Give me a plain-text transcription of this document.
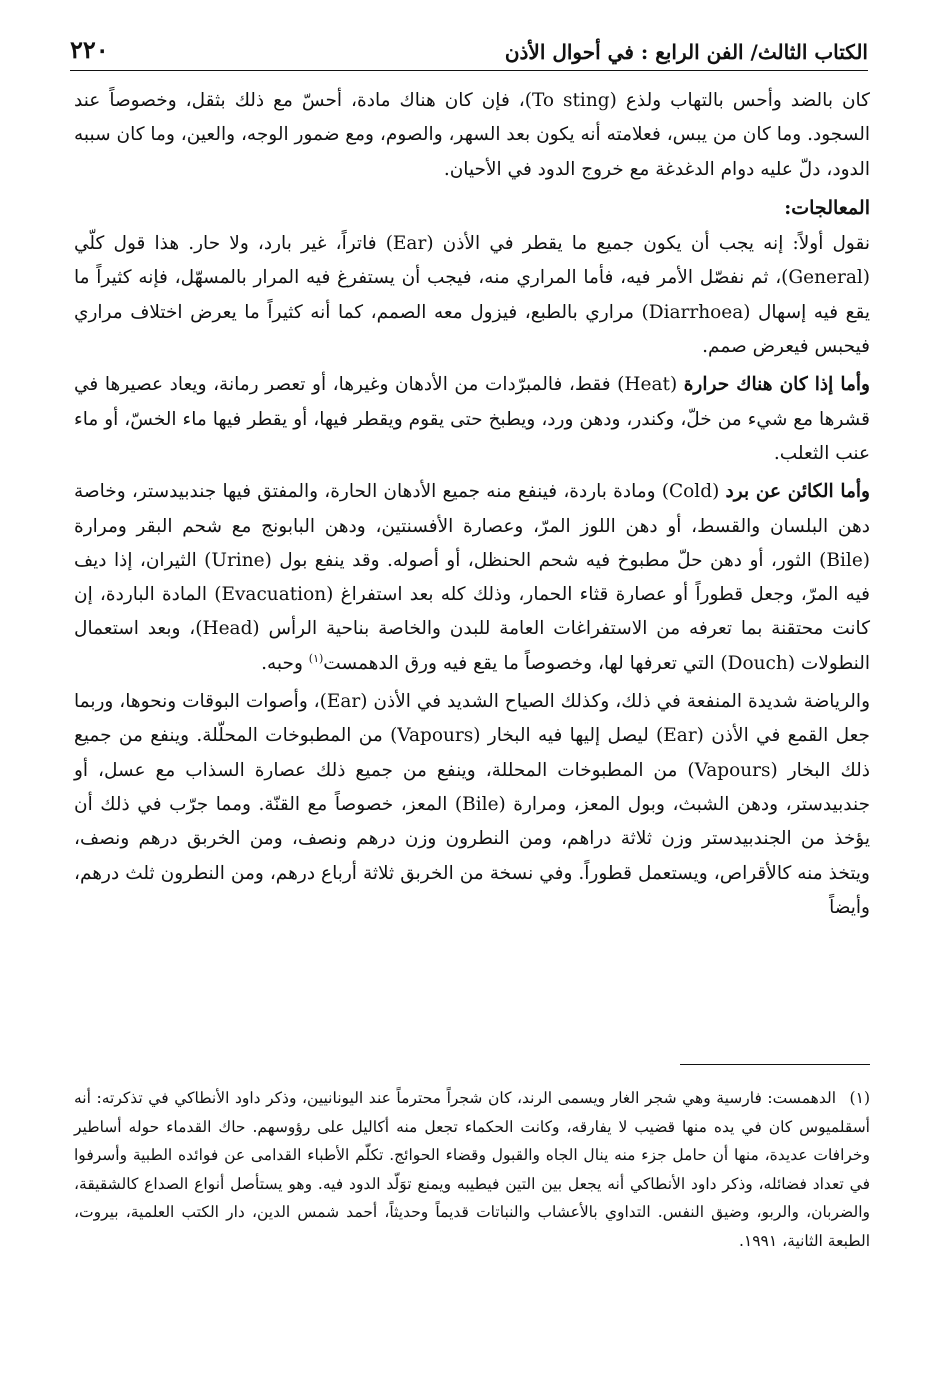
٢٢٠	الكتاب الثالث/ الفن الرابع : في أحوال الأذن

كان بالضد وأحس بالتهاب ولذع (To sting)، فإن كان هناك مادة، أحسّ مع ذلك بثقل، وخصوصاً عند السجود. وما كان من يبس، فعلامته أنه يكون بعد السهر، والصوم، ومع ضمور الوجه، والعين، وما كان سببه الدود، دلّ عليه دوام الدغدغة مع خروج الدود في الأحيان.

المعالجات:

نقول أولاً: إنه يجب أن يكون جميع ما يقطر في الأذن (Ear) فاتراً، غير بارد، ولا حار. هذا قول كلّي (General)، ثم نفصّل الأمر فيه، فأما المراري منه، فيجب أن يستفرغ فيه المرار بالمسهّل، فإنه كثيراً ما يقع فيه إسهال (Diarrhoea) مراري بالطبع، فيزول معه الصمم، كما أنه كثيراً ما يعرض اختلاف مراري فيحبس فيعرض صمم.

وأما إذا كان هناك حرارة (Heat) فقط، فالمبرّدات من الأدهان وغيرها، أو تعصر رمانة، ويعاد عصيرها في قشرها مع شيء من خلّ، وكندر، ودهن ورد، ويطبخ حتى يقوم ويقطر فيها، أو يقطر فيها ماء الخسّ، أو ماء عنب الثعلب.

وأما الكائن عن برد (Cold) ومادة باردة، فينفع منه جميع الأدهان الحارة، والمفتق فيها جندبيدستر، وخاصة دهن البلسان والقسط، أو دهن اللوز المرّ، وعصارة الأفسنتين، ودهن البابونج مع شحم البقر ومرارة (Bile) الثور، أو دهن حلّ مطبوخ فيه شحم الحنظل، أو أصوله. وقد ينفع بول (Urine) الثيران، إذا ديف فيه المرّ، وجعل قطوراً أو عصارة قثاء الحمار، وذلك كله بعد استفراغ (Evacuation) المادة الباردة، إن كانت محتقنة بما تعرفه من الاستفراغات العامة للبدن والخاصة بناحية الرأس (Head)، وبعد استعمال النطولات (Douch) التي تعرفها لها، وخصوصاً ما يقع فيه ورق الدهمست$^{(١)}$ وحبه.

والرياضة شديدة المنفعة في ذلك، وكذلك الصياح الشديد في الأذن (Ear)، وأصوات البوقات ونحوها، وربما جعل القمع في الأذن (Ear) ليصل إليها فيه البخار (Vapours) من المطبوخات المحلّلة. وينفع من جميع ذلك البخار (Vapours) من المطبوخات المحللة، وينفع من جميع ذلك عصارة السذاب مع عسل، أو جندبيدستر، ودهن الشبث، وبول المعز، ومرارة (Bile) المعز، خصوصاً مع القنّة. ومما جرّب في ذلك أن يؤخذ من الجندبيدستر وزن ثلاثة دراهم، ومن النطرون وزن درهم ونصف، ومن الخربق درهم ونصف، ويتخذ منه كالأقراص، ويستعمل قطوراً. وفي نسخة من الخربق ثلاثة أرباع درهم، ومن النطرون ثلث درهم، وأيضاً

(١)الدهمست: فارسية وهي شجر الغار ويسمى الرند، كان شجراً محترماً عند اليونانيين، وذكر داود الأنطاكي في تذكرته: أنه أسقلميوس كان في يده منها قضيب لا يفارقه، وكانت الحكماء تجعل منه أكاليل على رؤوسهم. حاك القدماء حوله أساطير وخرافات عديدة، منها أن حامل جزء منه ينال الجاه والقبول وقضاء الحوائج. تكلّم الأطباء القدامى عن فوائده الطبية وأسرفوا في تعداد فضائله، وذكر داود الأنطاكي أنه يجعل بين التين فيطيبه ويمنع توَلّد الدود فيه. وهو يستأصل أنواع الصداع كالشقيقة، والضربان، والربو، وضيق النفس. التداوي بالأعشاب والنباتات قديماً وحديثاً، أحمد شمس الدين، دار الكتب العلمية، بيروت، الطبعة الثانية، ١٩٩١.
